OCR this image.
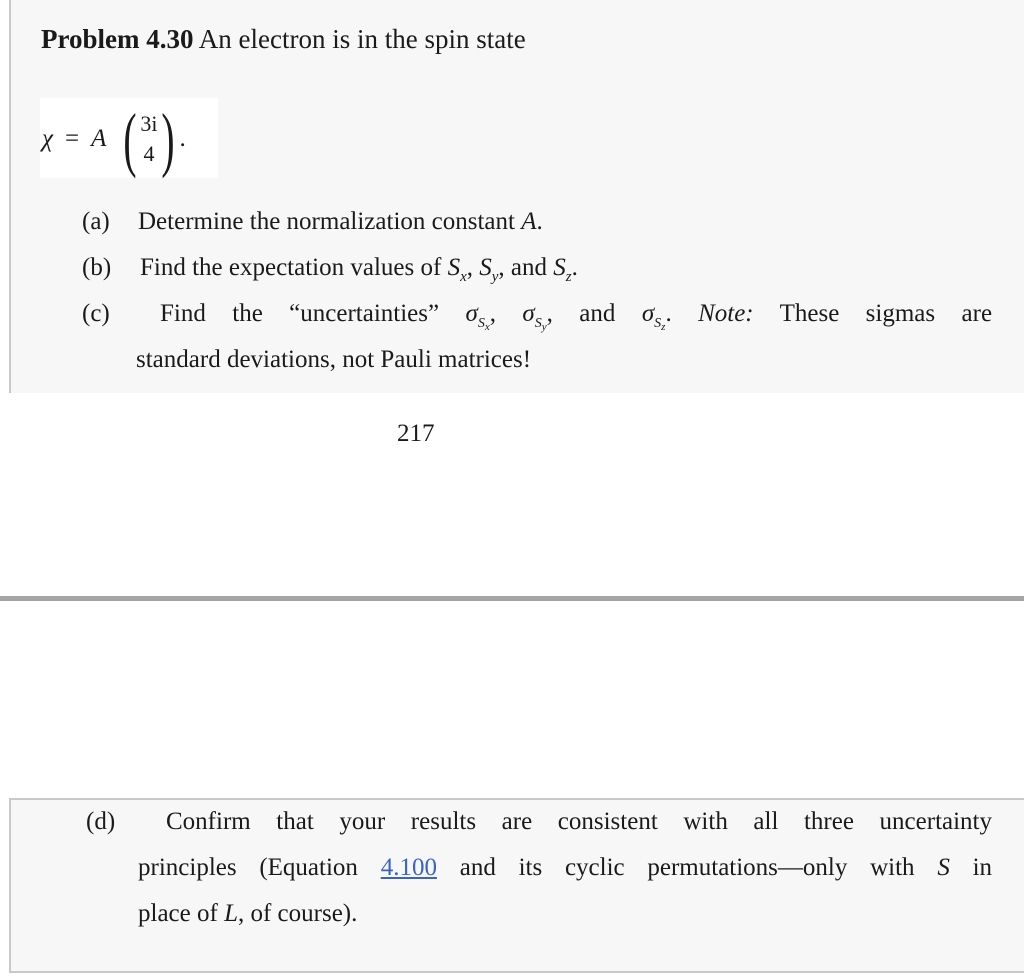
Problem 4.30 An electron is in the spin state
χ = A ( 3i
4 ) .
(a) Determine the normalization constant A.
(b) Find the expectation values of $S_x$, $S_y$, and $S_z$.
(c) Find the “uncertainties” $\sigma_{S_x}$, $\sigma_{S_y}$, and $\sigma_{S_z}$. Note: These sigmas are
standard deviations, not Pauli matrices!
217
(d) Confirm that your results are consistent with all three uncertainty
principles (Equation 4.100 and its cyclic permutations—only with S in
place of L, of course).
